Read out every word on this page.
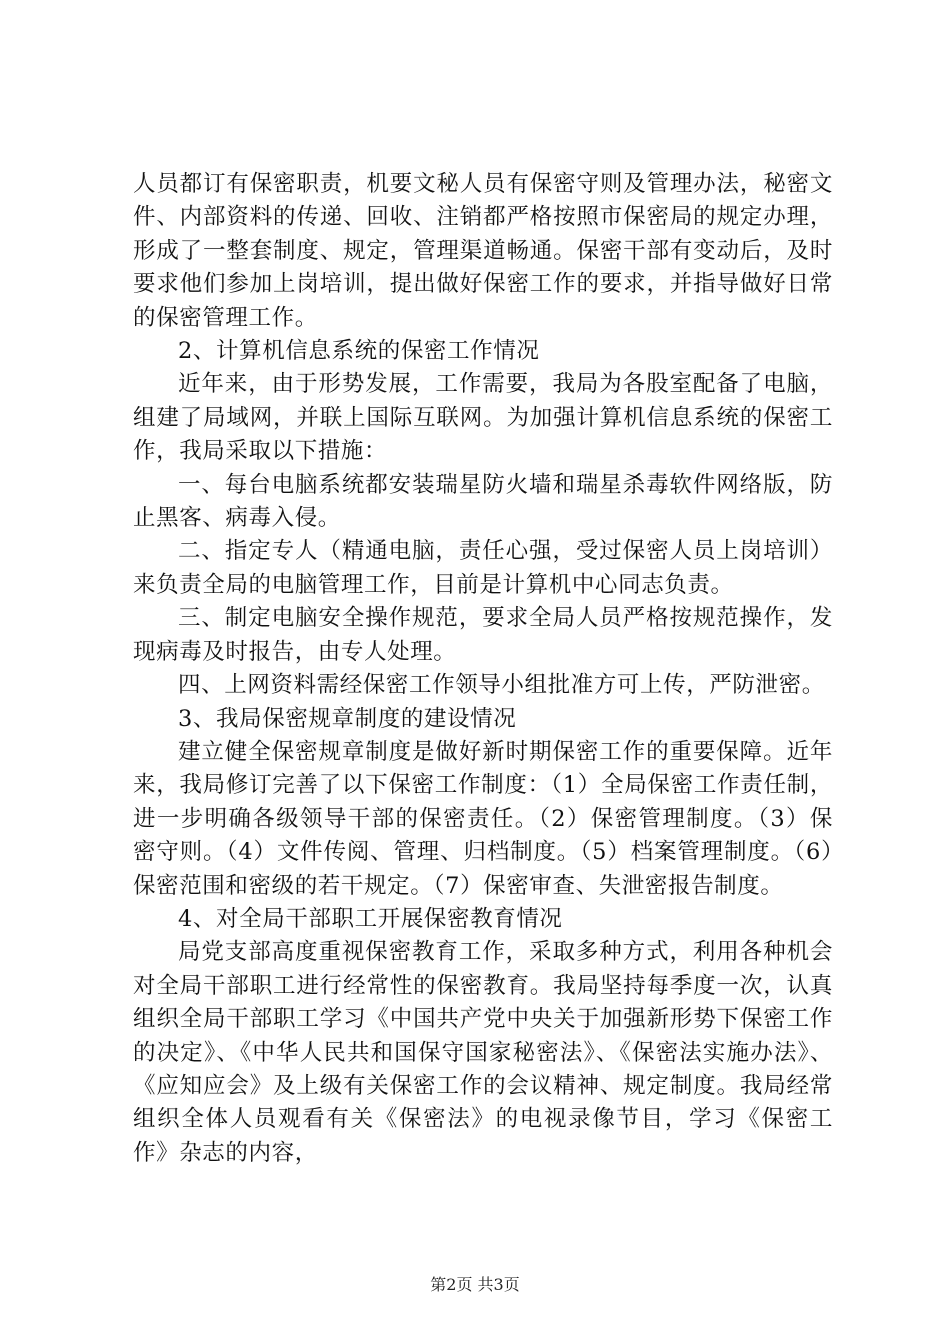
人员都订有保密职责，机要文秘人员有保密守则及管理办法，秘密文件、内部资料的传递、回收、注销都严格按照市保密局的规定办理，形成了一整套制度、规定，管理渠道畅通。保密干部有变动后，及时要求他们参加上岗培训，提出做好保密工作的要求，并指导做好日常的保密管理工作。

2、计算机信息系统的保密工作情况

近年来，由于形势发展，工作需要，我局为各股室配备了电脑，组建了局域网，并联上国际互联网。为加强计算机信息系统的保密工作，我局采取以下措施：

一、每台电脑系统都安装瑞星防火墙和瑞星杀毒软件网络版，防止黑客、病毒入侵。

二、指定专人（精通电脑，责任心强，受过保密人员上岗培训）来负责全局的电脑管理工作，目前是计算机中心同志负责。

三、制定电脑安全操作规范，要求全局人员严格按规范操作，发现病毒及时报告，由专人处理。

四、上网资料需经保密工作领导小组批准方可上传，严防泄密。

3、我局保密规章制度的建设情况

建立健全保密规章制度是做好新时期保密工作的重要保障。近年来，我局修订完善了以下保密工作制度：（1）全局保密工作责任制，进一步明确各级领导干部的保密责任。（2）保密管理制度。（3）保密守则。（4）文件传阅、管理、归档制度。（5）档案管理制度。（6）保密范围和密级的若干规定。（7）保密审查、失泄密报告制度。

4、对全局干部职工开展保密教育情况

局党支部高度重视保密教育工作，采取多种方式，利用各种机会对全局干部职工进行经常性的保密教育。我局坚持每季度一次，认真组织全局干部职工学习《中国共产党中央关于加强新形势下保密工作的决定》、《中华人民共和国保守国家秘密法》、《保密法实施办法》、《应知应会》及上级有关保密工作的会议精神、规定制度。我局经常组织全体人员观看有关《保密法》的电视录像节目，学习《保密工作》杂志的内容，

第2页 共3页
